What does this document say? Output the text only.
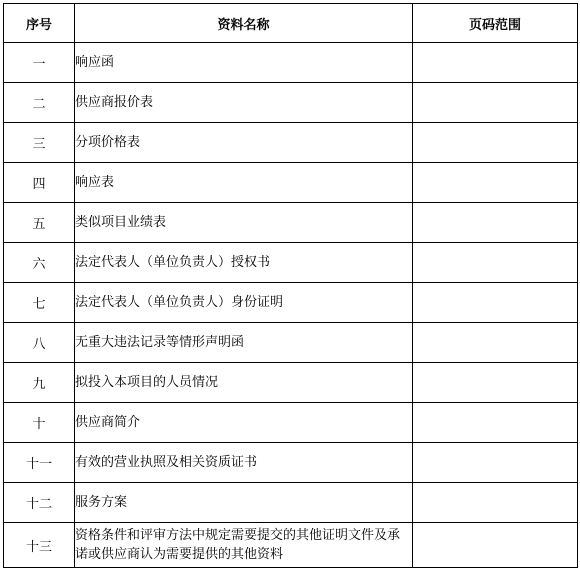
序号	资料名称	页码范围
一	响应函	
二	供应商报价表	
三	分项价格表	
四	响应表	
五	类似项目业绩表	
六	法定代表人（单位负责人）授权书	
七	法定代表人（单位负责人）身份证明	
八	无重大违法记录等情形声明函	
九	拟投入本项目的人员情况	
十	供应商简介	
十一	有效的营业执照及相关资质证书	
十二	服务方案	
十三	资格条件和评审方法中规定需要提交的其他证明文件及承诺或供应商认为需要提供的其他资料	
